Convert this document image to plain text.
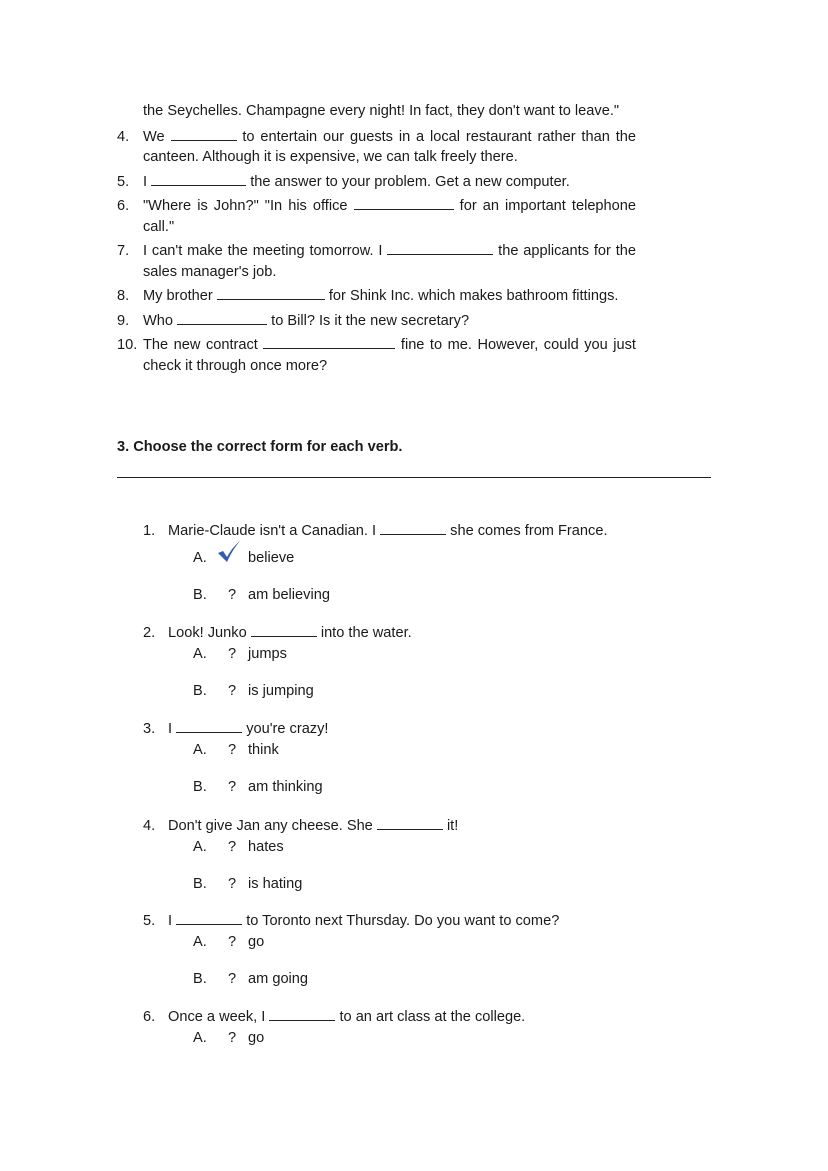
the Seychelles. Champagne every night! In fact, they don't want to leave."
4. We	to entertain our guests in a local restaurant rather than the canteen. Although it is expensive, we can talk freely there.
5. I	the answer to your problem. Get a new computer.
6. "Where is John?" "In his office	for an important telephone call."
7. I can't make the meeting tomorrow. I	the applicants for the sales manager's job.
8. My brother	for Shink Inc. which makes bathroom fittings.
9. Who	to Bill? Is it the new secretary?
10. The new contract	fine to me. However, could you just check it through once more?
3. Choose the correct form for each verb.
1. Marie-Claude isn't a Canadian. I	she comes from France.
A.	believe
B. ? am believing
2. Look! Junko	into the water.
A. ? jumps
B. ? is jumping
3. I	you're crazy!
A. ? think
B. ? am thinking
4. Don't give Jan any cheese. She	it!
A. ? hates
B. ? is hating
5. I	to Toronto next Thursday. Do you want to come?
A. ? go
B. ? am going
6. Once a week, I	to an art class at the college.
A. ? go
